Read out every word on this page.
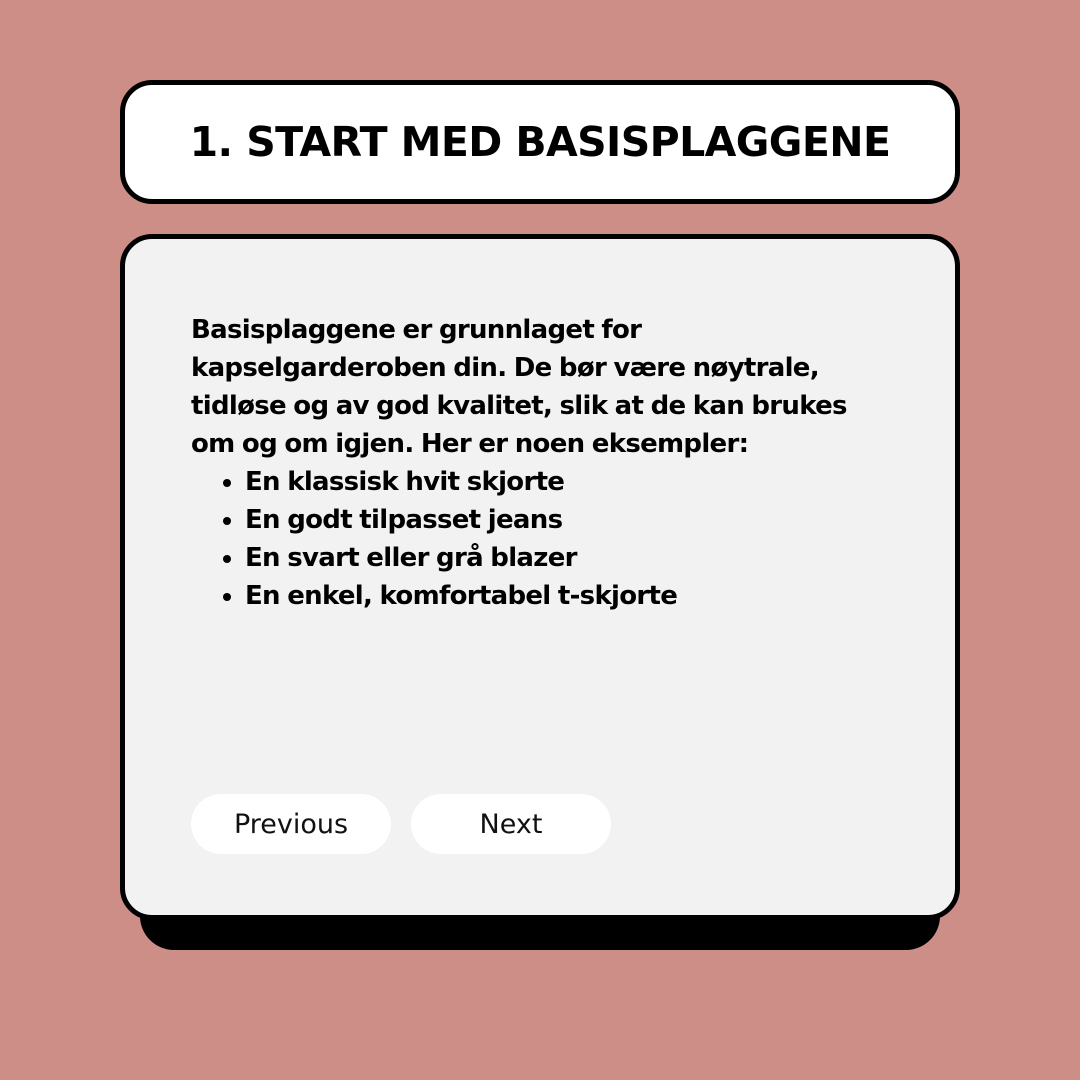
1. START MED BASISPLAGGENE

Basisplaggene er grunnlaget for kapselgarderoben din. De bør være nøytrale, tidløse og av god kvalitet, slik at de kan brukes om og om igjen. Her er noen eksempler:

• En klassisk hvit skjorte
• En godt tilpasset jeans
• En svart eller grå blazer
• En enkel, komfortabel t-skjorte
Previous	Next
